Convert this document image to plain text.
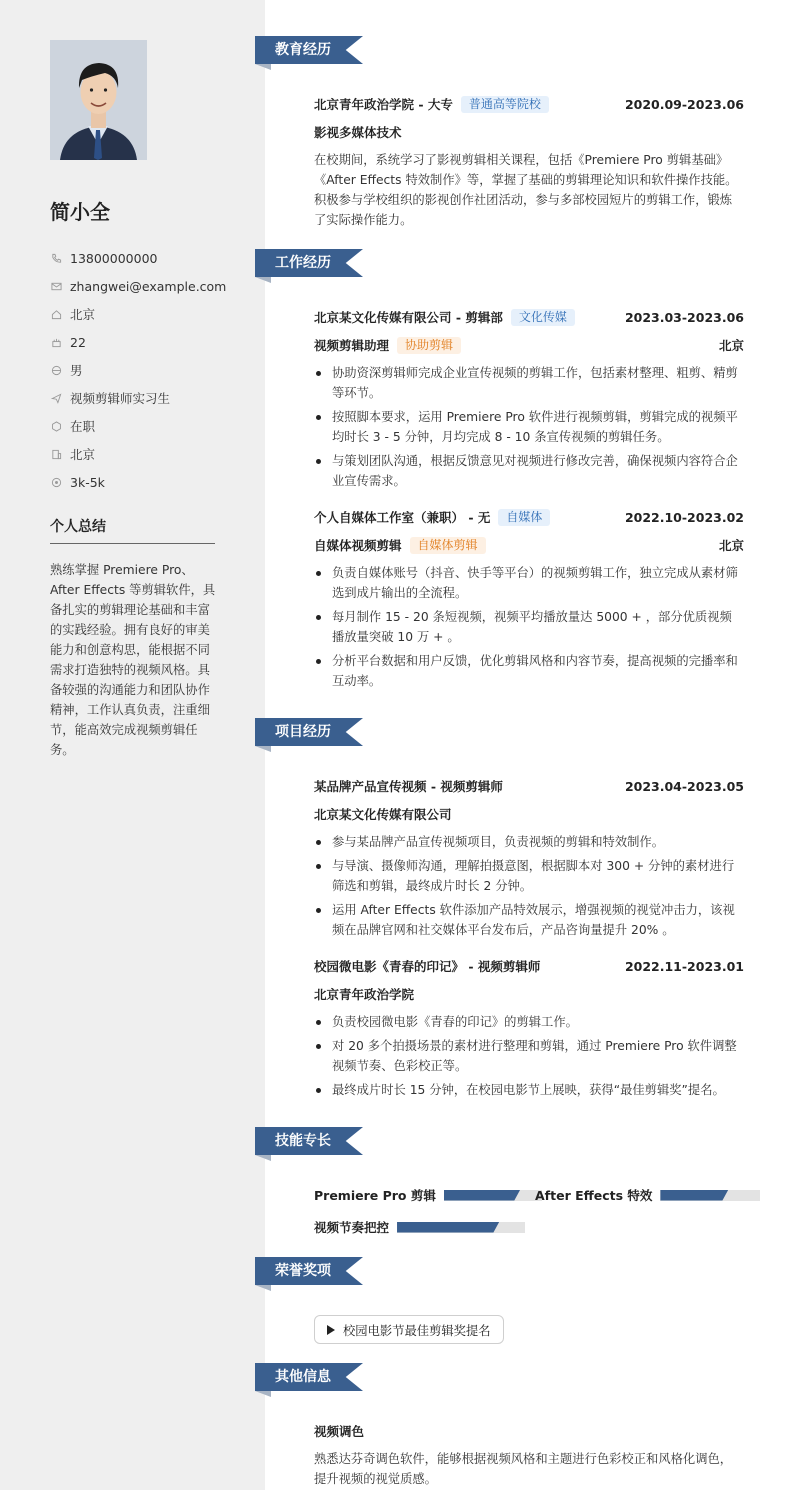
简小全
13800000000
zhangwei@example.com
北京
22
男
视频剪辑师实习生
在职
北京
3k-5k
个人总结
熟练掌握 Premiere Pro、After Effects 等剪辑软件，具备扎实的剪辑理论基础和丰富的实践经验。拥有良好的审美能力和创意构思，能根据不同需求打造独特的视频风格。具备较强的沟通能力和团队协作精神，工作认真负责，注重细节，能高效完成视频剪辑任务。
教育经历
北京青年政治学院 - 大专	普通高等院校	2020.09-2023.06
影视多媒体技术
在校期间，系统学习了影视剪辑相关课程，包括《Premiere Pro 剪辑基础》《After Effects 特效制作》等，掌握了基础的剪辑理论知识和软件操作技能。积极参与学校组织的影视创作社团活动，参与多部校园短片的剪辑工作，锻炼了实际操作能力。
工作经历
北京某文化传媒有限公司 - 剪辑部	文化传媒	2023.03-2023.06
视频剪辑助理	协助剪辑	北京
协助资深剪辑师完成企业宣传视频的剪辑工作，包括素材整理、粗剪、精剪等环节。
按照脚本要求，运用 Premiere Pro 软件进行视频剪辑，剪辑完成的视频平均时长 3 - 5 分钟，月均完成 8 - 10 条宣传视频的剪辑任务。
与策划团队沟通，根据反馈意见对视频进行修改完善，确保视频内容符合企业宣传需求。
个人自媒体工作室（兼职） - 无	自媒体	2022.10-2023.02
自媒体视频剪辑	自媒体剪辑	北京
负责自媒体账号（抖音、快手等平台）的视频剪辑工作，独立完成从素材筛选到成片输出的全流程。
每月制作 15 - 20 条短视频，视频平均播放量达 5000 + ，部分优质视频播放量突破 10 万 + 。
分析平台数据和用户反馈，优化剪辑风格和内容节奏，提高视频的完播率和互动率。
项目经历
某品牌产品宣传视频 - 视频剪辑师	2023.04-2023.05
北京某文化传媒有限公司
参与某品牌产品宣传视频项目，负责视频的剪辑和特效制作。
与导演、摄像师沟通，理解拍摄意图，根据脚本对 300 + 分钟的素材进行筛选和剪辑，最终成片时长 2 分钟。
运用 After Effects 软件添加产品特效展示，增强视频的视觉冲击力，该视频在品牌官网和社交媒体平台发布后，产品咨询量提升 20% 。
校园微电影《青春的印记》 - 视频剪辑师	2022.11-2023.01
北京青年政治学院
负责校园微电影《青春的印记》的剪辑工作。
对 20 多个拍摄场景的素材进行整理和剪辑，通过 Premiere Pro 软件调整视频节奏、色彩校正等。
最终成片时长 15 分钟，在校园电影节上展映，获得“最佳剪辑奖”提名。
技能专长
Premiere Pro 剪辑	After Effects 特效
视频节奏把控
荣誉奖项
校园电影节最佳剪辑奖提名
其他信息
视频调色
熟悉达芬奇调色软件，能够根据视频风格和主题进行色彩校正和风格化调色，提升视频的视觉质感。
